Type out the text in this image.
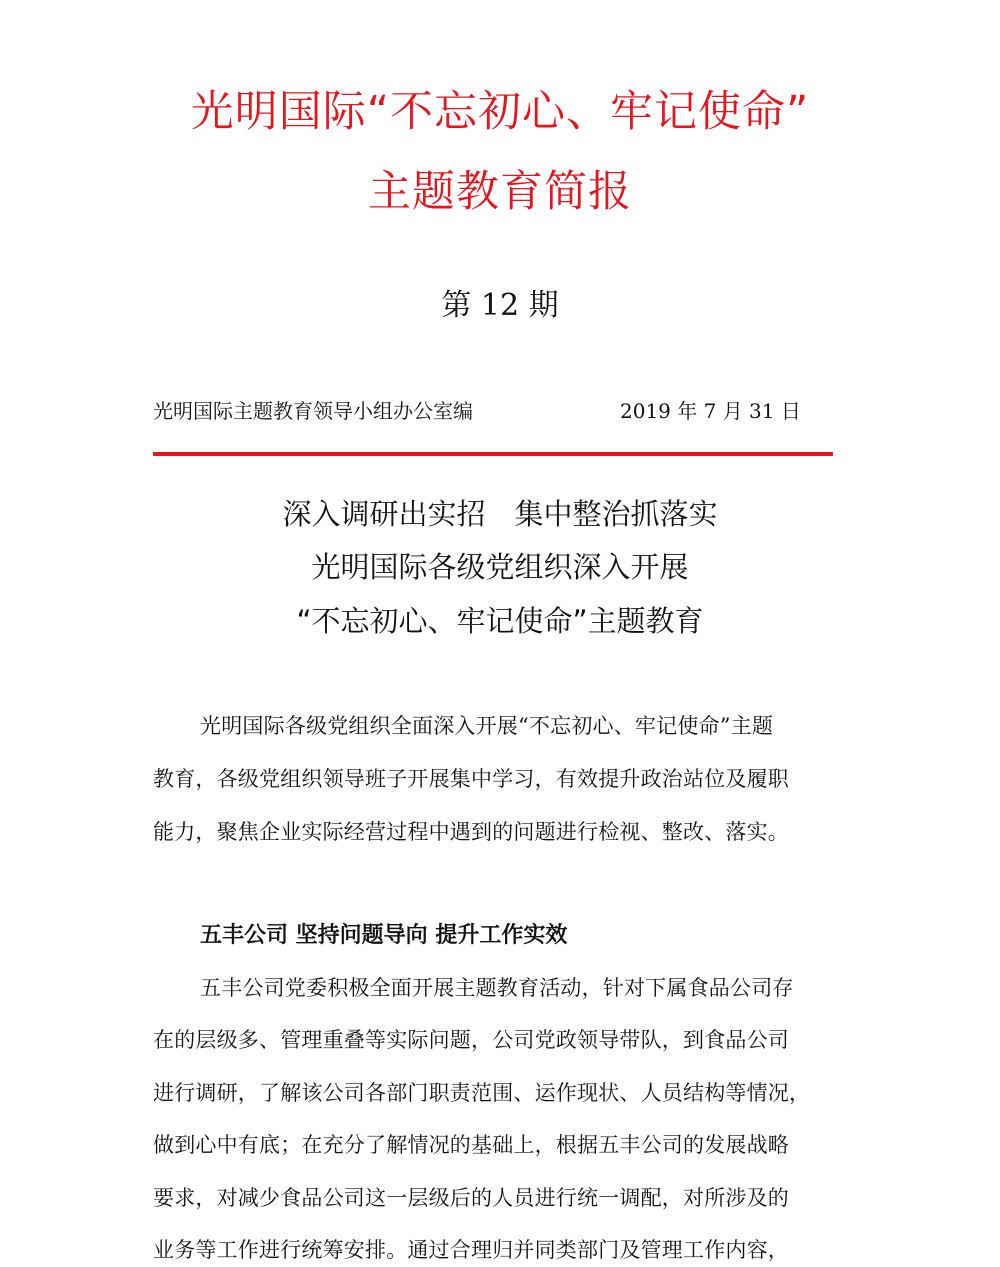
光明国际“不忘初心、牢记使命”
主题教育简报
第 12 期
光明国际主题教育领导小组办公室编	2019 年 7 月 31 日
深入调研出实招　集中整治抓落实
光明国际各级党组织深入开展
“不忘初心、牢记使命”主题教育
光明国际各级党组织全面深入开展“不忘初心、牢记使命”主题
教育，各级党组织领导班子开展集中学习，有效提升政治站位及履职
能力，聚焦企业实际经营过程中遇到的问题进行检视、整改、落实。
五丰公司 坚持问题导向 提升工作实效
五丰公司党委积极全面开展主题教育活动，针对下属食品公司存
在的层级多、管理重叠等实际问题，公司党政领导带队，到食品公司
进行调研，了解该公司各部门职责范围、运作现状、人员结构等情况，
做到心中有底；在充分了解情况的基础上，根据五丰公司的发展战略
要求，对减少食品公司这一层级后的人员进行统一调配，对所涉及的
业务等工作进行统筹安排。通过合理归并同类部门及管理工作内容，
